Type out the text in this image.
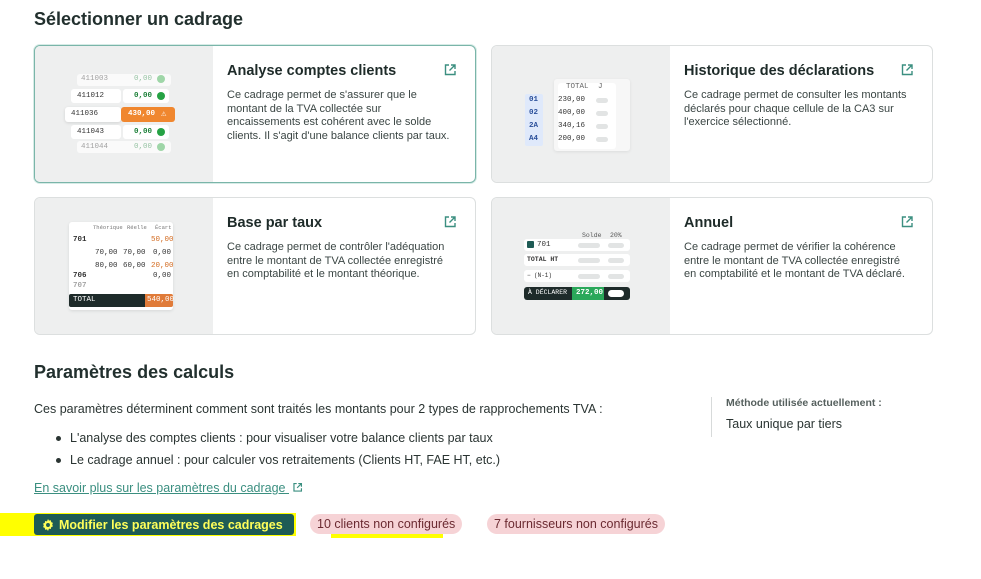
Sélectionner un cadrage
411003	0,00
411012	0,00
411036	430,00 ⚠
411043	0,00
411044	0,00
Analyse comptes clients
Ce cadrage permet de s'assurer que le montant de la TVA collectée sur encaissements est cohérent avec le solde clients. Il s'agit d'une balance clients par taux.
TOTAL J
01	230,00
02	400,00
2A	340,16
A4	200,00
Historique des déclarations
Ce cadrage permet de consulter les montants déclarés pour chaque cellule de la CA3 sur l'exercice sélectionné.
Théorique Réelle Écart
701	50,00
70,00 70,00 0,00
80,00 60,00 20,00
706	0,00
707
TOTAL	540,00
Base par taux
Ce cadrage permet de contrôler l'adéquation entre le montant de TVA collectée enregistré en comptabilité et le montant théorique.
Solde 20%
701
TOTAL HT
− (N-1)
À DÉCLARER 272,00
Annuel
Ce cadrage permet de vérifier la cohérence entre le montant de TVA collectée enregistré en comptabilité et le montant de TVA déclaré.
Paramètres des calculs
Ces paramètres déterminent comment sont traités les montants pour 2 types de rapprochements TVA :
L'analyse des comptes clients : pour visualiser votre balance clients par taux
Le cadrage annuel : pour calculer vos retraitements (Clients HT, FAE HT, etc.)
En savoir plus sur les paramètres du cadrage
Méthode utilisée actuellement :
Taux unique par tiers
Modifier les paramètres des cadrages	10 clients non configurés	7 fournisseurs non configurés
